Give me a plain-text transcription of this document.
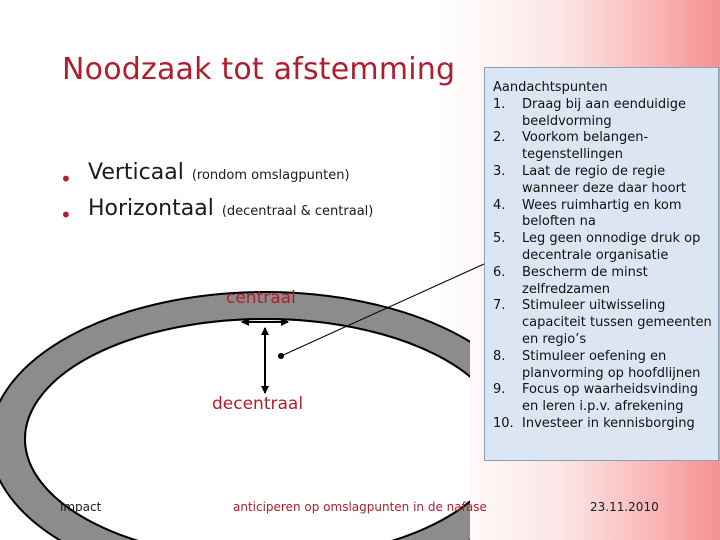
Noodzaak tot afstemming
• Verticaal (rondom omslagpunten)
• Horizontaal (decentraal & centraal)
centraal
decentraal
Aandachtspunten
1.	Draag bij aan eenduidige beeldvorming
2.	Voorkom belangen-tegenstellingen
3.	Laat de regio de regie wanneer deze daar hoort
4.	Wees ruimhartig en kom beloften na
5.	Leg geen onnodige druk op decentrale organisatie
6.	Bescherm de minst zelfredzamen
7.	Stimuleer uitwisseling capaciteit tussen gemeenten en regio’s
8.	Stimuleer oefening en planvorming op hoofdlijnen
9.	Focus op waarheidsvinding en leren i.p.v. afrekening
10. Investeer in kennisborging
impact	anticiperen op omslagpunten in de nafase	23.11.2010
